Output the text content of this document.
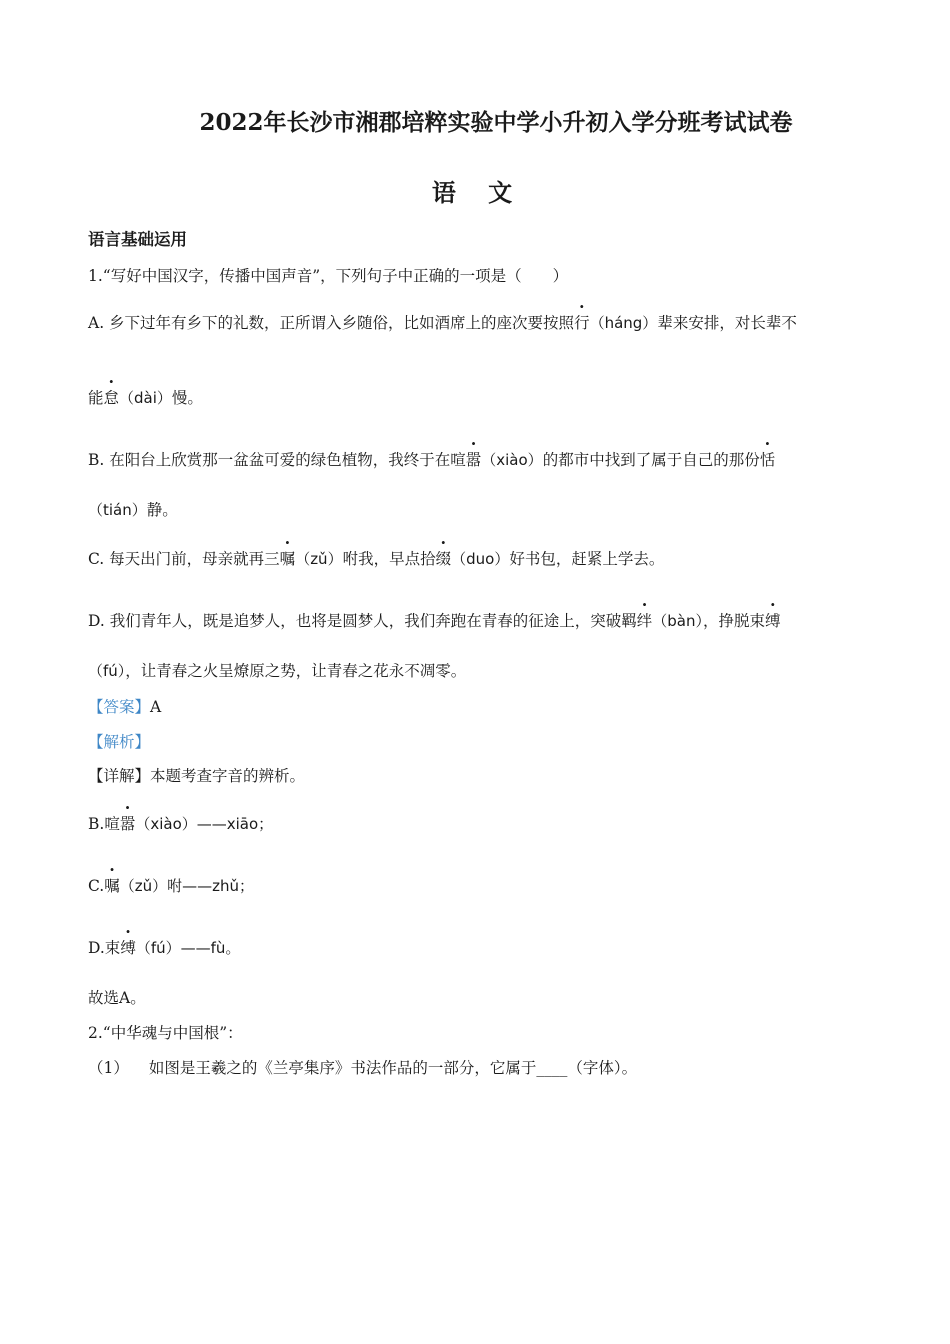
2022年长沙市湘郡培粹实验中学小升初入学分班考试试卷
语 文
语言基础运用
1.“写好中国汉字，传播中国声音”，下列句子中正确的一项是（　　）
A. 乡下过年有乡下的礼数，正所谓入乡随俗，比如酒席上的座次要按照行（háng）辈来安排，对长辈不
能怠（dài）慢。
B. 在阳台上欣赏那一盆盆可爱的绿色植物，我终于在喧嚣（xiào）的都市中找到了属于自己的那份恬
（tián）静。
C. 每天出门前，母亲就再三嘱（zǔ）咐我，早点拾缀（duo）好书包，赶紧上学去。
D. 我们青年人，既是追梦人，也将是圆梦人，我们奔跑在青春的征途上，突破羁绊（bàn），挣脱束缚
（fú），让青春之火呈燎原之势，让青春之花永不凋零。
【答案】A
【解析】
【详解】本题考查字音的辨析。
B.喧嚣（xiào）——xiāo；
C.嘱（zǔ）咐——zhǔ；
D.束缚（fú）——fù。
故选A。
2.“中华魂与中国根”：
（1） 如图是王羲之的《兰亭集序》书法作品的一部分，它属于____（字体）。
